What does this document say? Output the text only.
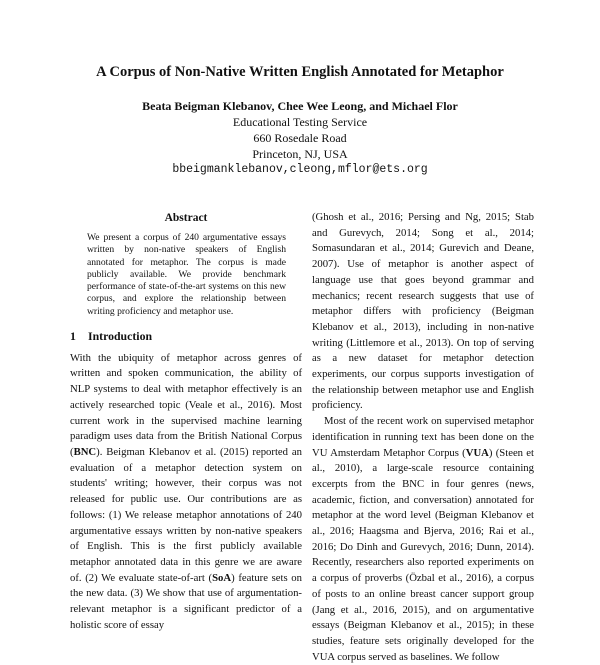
A Corpus of Non-Native Written English Annotated for Metaphor
Beata Beigman Klebanov, Chee Wee Leong, and Michael Flor
Educational Testing Service
660 Rosedale Road
Princeton, NJ, USA
bbeigmanklebanov,cleong,mflor@ets.org
Abstract

We present a corpus of 240 argumentative essays written by non-native speakers of English annotated for metaphor. The corpus is made publicly available. We provide benchmark performance of state-of-the-art systems on this new corpus, and explore the relationship between writing proficiency and metaphor use.

1 Introduction

With the ubiquity of metaphor across genres of written and spoken communication, the ability of NLP systems to deal with metaphor effectively is an actively researched topic (Veale et al., 2016). Most current work in the supervised machine learning paradigm uses data from the British National Corpus (BNC). Beigman Klebanov et al. (2015) reported an evaluation of a metaphor detection system on students' writing; however, their corpus was not released for public use. Our contributions are as follows: (1) We release metaphor annotations of 240 argumentative essays written by non-native speakers of English. This is the first publicly available metaphor annotated data in this genre we are aware of. (2) We evaluate state-of-art (SoA) feature sets on the new data. (3) We show that use of argumentation-relevant metaphor is a significant predictor of a holistic score of essay

(Ghosh et al., 2016; Persing and Ng, 2015; Stab and Gurevych, 2014; Song et al., 2014; Somasundaran et al., 2014; Gurevich and Deane, 2007). Use of metaphor is another aspect of language use that goes beyond grammar and mechanics; recent research suggests that use of metaphor differs with proficiency (Beigman Klebanov et al., 2013), including in non-native writing (Littlemore et al., 2013). On top of serving as a new dataset for metaphor detection experiments, our corpus supports investigation of the relationship between metaphor use and English proficiency.

Most of the recent work on supervised metaphor identification in running text has been done on the VU Amsterdam Metaphor Corpus (VUA) (Steen et al., 2010), a large-scale resource containing excerpts from the BNC in four genres (news, academic, fiction, and conversation) annotated for metaphor at the word level (Beigman Klebanov et al., 2016; Haagsma and Bjerva, 2016; Rai et al., 2016; Do Dinh and Gurevych, 2016; Dunn, 2014). Recently, researchers also reported experiments on a corpus of proverbs (Özbal et al., 2016), a corpus of posts to an online breast cancer support group (Jang et al., 2016, 2015), and on argumentative essays (Beigman Klebanov et al., 2015); in these studies, feature sets originally developed for the VUA corpus served as baselines. We follow
